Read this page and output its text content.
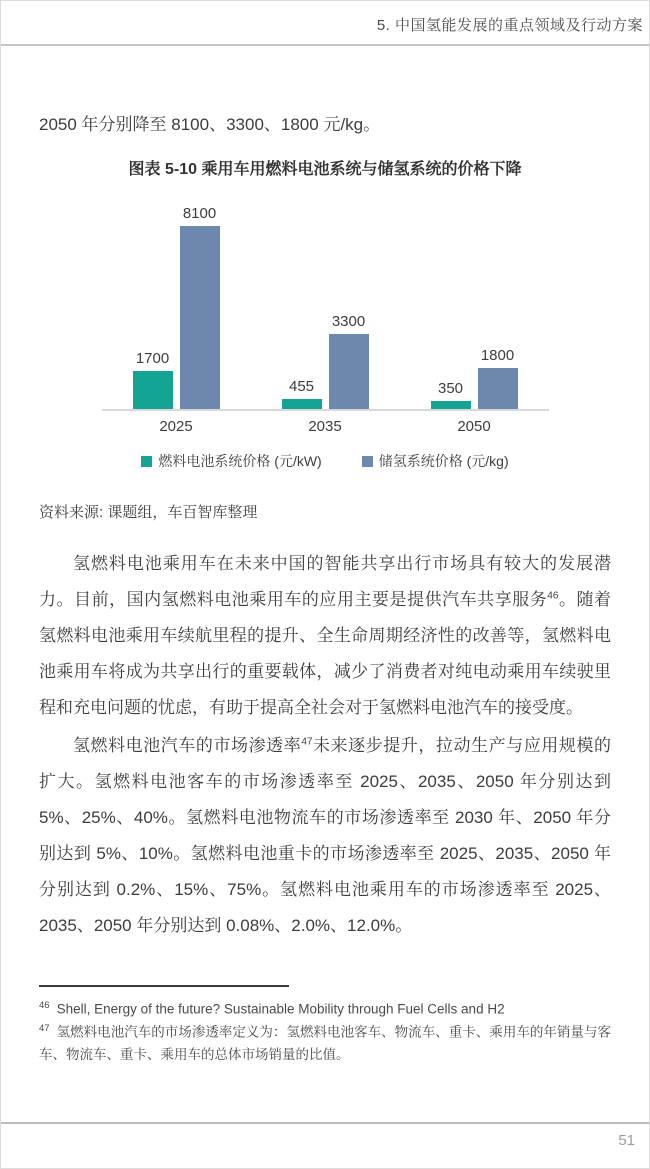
5. 中国氢能发展的重点领域及行动方案
2050 年分别降至 8100、3300、1800 元/kg。
图表 5-10 乘用车用燃料电池系统与储氢系统的价格下降
1700
8100
455
3300
350
1800
2025	2035	2050
燃料电池系统价格 (元/kW)	储氢系统价格 (元/kg)
资料来源: 课题组，车百智库整理
氢燃料电池乘用车在未来中国的智能共享出行市场具有较大的发展潜力。目前，国内氢燃料电池乘用车的应用主要是提供汽车共享服务$^{46}$。随着氢燃料电池乘用车续航里程的提升、全生命周期经济性的改善等，氢燃料电池乘用车将成为共享出行的重要载体，减少了消费者对纯电动乘用车续驶里程和充电问题的忧虑，有助于提高全社会对于氢燃料电池汽车的接受度。
氢燃料电池汽车的市场渗透率$^{47}$未来逐步提升，拉动生产与应用规模的扩大。氢燃料电池客车的市场渗透率至 2025、2035、2050 年分别达到 5%、25%、40%。氢燃料电池物流车的市场渗透率至 2030 年、2050 年分别达到 5%、10%。氢燃料电池重卡的市场渗透率至 2025、2035、2050 年分别达到 0.2%、15%、75%。氢燃料电池乘用车的市场渗透率至 2025、2035、2050 年分别达到 0.08%、2.0%、12.0%。
$^{46}$ Shell, Energy of the future? Sustainable Mobility through Fuel Cells and H2
$^{47}$ 氢燃料电池汽车的市场渗透率定义为：氢燃料电池客车、物流车、重卡、乘用车的年销量与客车、物流车、重卡、乘用车的总体市场销量的比值。
51
